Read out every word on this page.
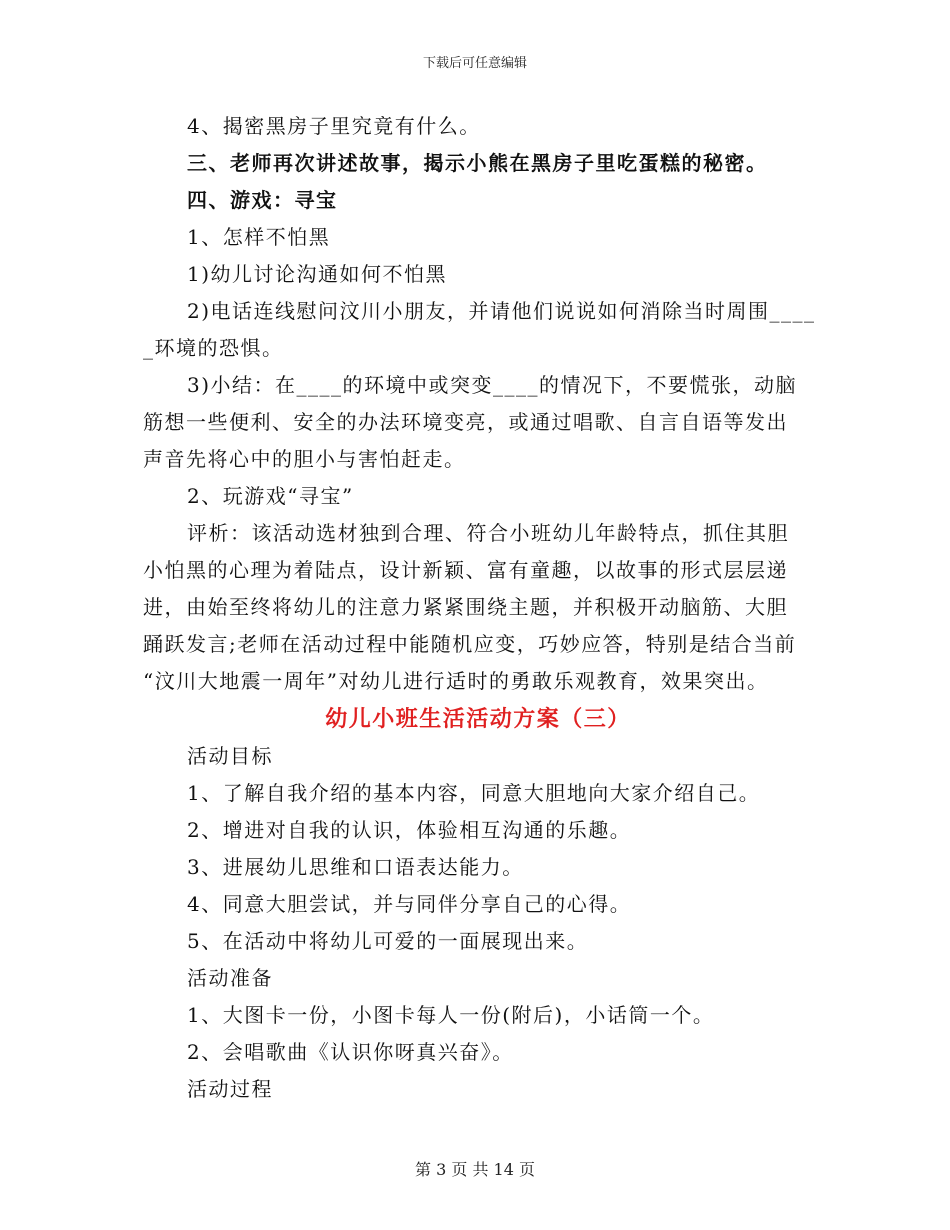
下载后可任意编辑
4、揭密黑房子里究竟有什么。
三、老师再次讲述故事，揭示小熊在黑房子里吃蛋糕的秘密。
四、游戏：寻宝
1、怎样不怕黑
1)幼儿讨论沟通如何不怕黑
2)电话连线慰问汶川小朋友，并请他们说说如何消除当时周围____
_环境的恐惧。
3)小结：在____的环境中或突变____的情况下，不要慌张，动脑
筋想一些便利、安全的办法环境变亮，或通过唱歌、自言自语等发出
声音先将心中的胆小与害怕赶走。
2、玩游戏“寻宝”
评析：该活动选材独到合理、符合小班幼儿年龄特点，抓住其胆
小怕黑的心理为着陆点，设计新颖、富有童趣，以故事的形式层层递
进，由始至终将幼儿的注意力紧紧围绕主题，并积极开动脑筋、大胆
踊跃发言;老师在活动过程中能随机应变，巧妙应答，特别是结合当前
“汶川大地震一周年”对幼儿进行适时的勇敢乐观教育，效果突出。
幼儿小班生活活动方案（三）
活动目标
1、了解自我介绍的基本内容，同意大胆地向大家介绍自己。
2、增进对自我的认识，体验相互沟通的乐趣。
3、进展幼儿思维和口语表达能力。
4、同意大胆尝试，并与同伴分享自己的心得。
5、在活动中将幼儿可爱的一面展现出来。
活动准备
1、大图卡一份，小图卡每人一份(附后)，小话筒一个。
2、会唱歌曲《认识你呀真兴奋》。
活动过程
第 3 页 共 14 页
